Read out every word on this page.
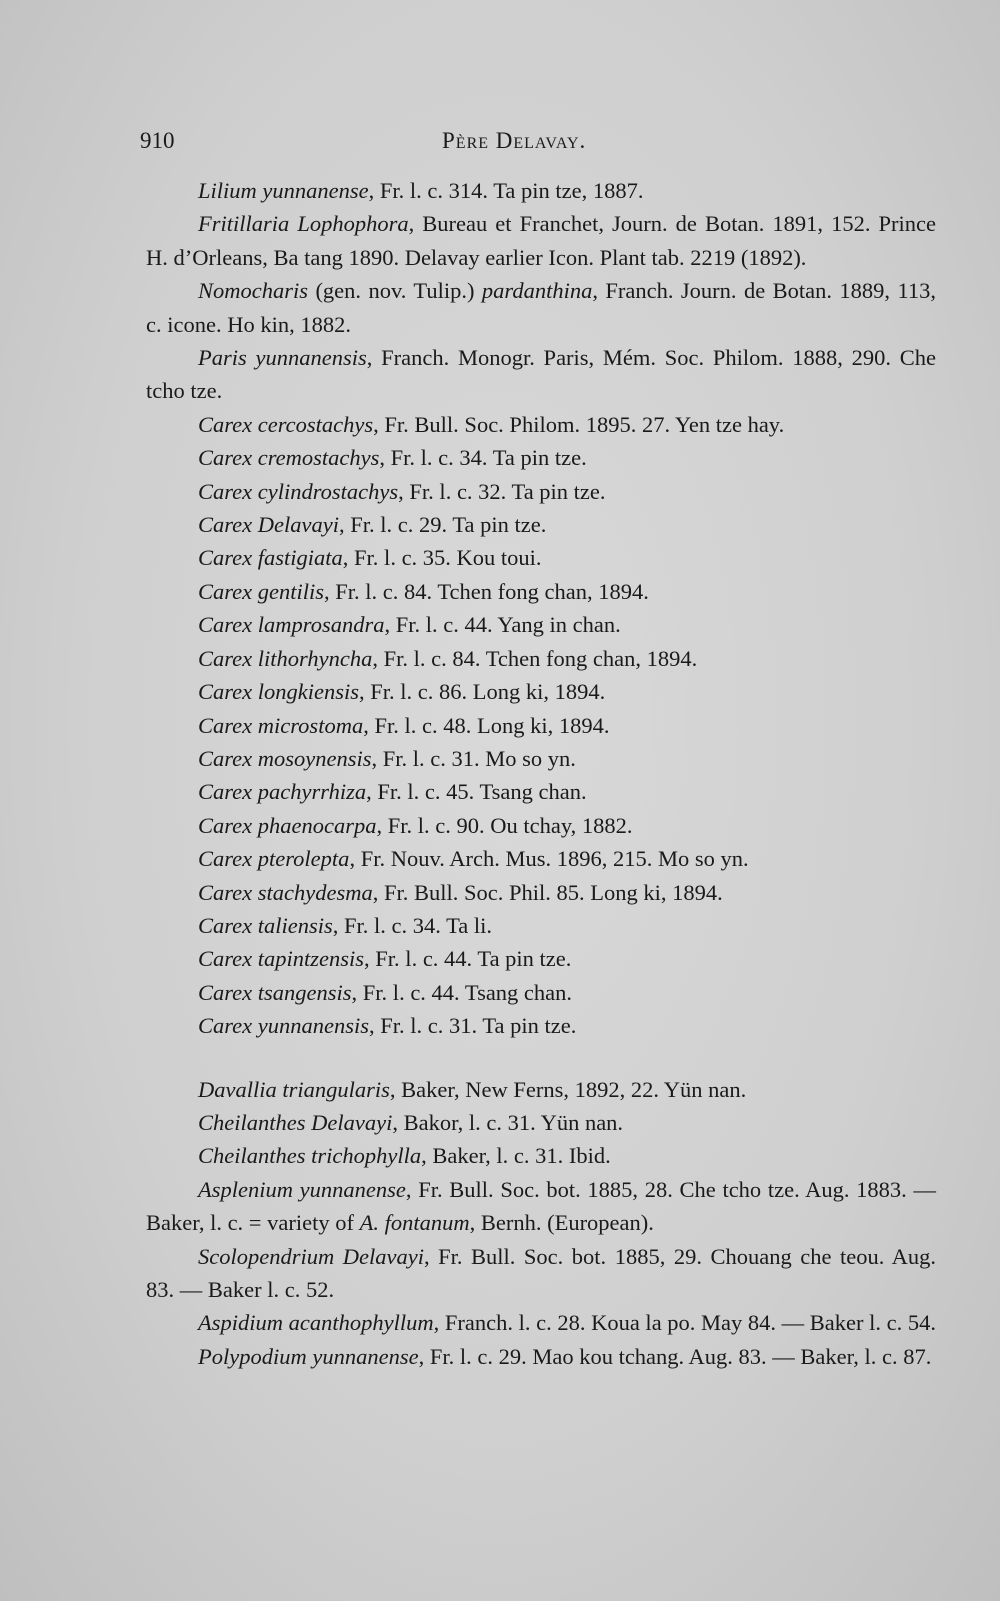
910	Père Delavay.

Lilium yunnanense, Fr. l. c. 314. Ta pin tze, 1887.

Fritillaria Lophophora, Bureau et Franchet, Journ. de Botan. 1891, 152. Prince H. d’Orleans, Ba tang 1890. Delavay earlier Icon. Plant tab. 2219 (1892).

Nomocharis (gen. nov. Tulip.) pardanthina, Franch. Journ. de Botan. 1889, 113, c. icone. Ho kin, 1882.

Paris yunnanensis, Franch. Monogr. Paris, Mém. Soc. Philom. 1888, 290. Che tcho tze.

Carex cercostachys, Fr. Bull. Soc. Philom. 1895. 27. Yen tze hay.

Carex cremostachys, Fr. l. c. 34. Ta pin tze.

Carex cylindrostachys, Fr. l. c. 32. Ta pin tze.

Carex Delavayi, Fr. l. c. 29. Ta pin tze.

Carex fastigiata, Fr. l. c. 35. Kou toui.

Carex gentilis, Fr. l. c. 84. Tchen fong chan, 1894.

Carex lamprosandra, Fr. l. c. 44. Yang in chan.

Carex lithorhyncha, Fr. l. c. 84. Tchen fong chan, 1894.

Carex longkiensis, Fr. l. c. 86. Long ki, 1894.

Carex microstoma, Fr. l. c. 48. Long ki, 1894.

Carex mosoynensis, Fr. l. c. 31. Mo so yn.

Carex pachyrrhiza, Fr. l. c. 45. Tsang chan.

Carex phaenocarpa, Fr. l. c. 90. Ou tchay, 1882.

Carex pterolepta, Fr. Nouv. Arch. Mus. 1896, 215. Mo so yn.

Carex stachydesma, Fr. Bull. Soc. Phil. 85. Long ki, 1894.

Carex taliensis, Fr. l. c. 34. Ta li.

Carex tapintzensis, Fr. l. c. 44. Ta pin tze.

Carex tsangensis, Fr. l. c. 44. Tsang chan.

Carex yunnanensis, Fr. l. c. 31. Ta pin tze.

Davallia triangularis, Baker, New Ferns, 1892, 22. Yün nan.

Cheilanthes Delavayi, Bakor, l. c. 31. Yün nan.

Cheilanthes trichophylla, Baker, l. c. 31. Ibid.

Asplenium yunnanense, Fr. Bull. Soc. bot. 1885, 28. Che tcho tze. Aug. 1883. — Baker, l. c. = variety of A. fontanum, Bernh. (European).

Scolopendrium Delavayi, Fr. Bull. Soc. bot. 1885, 29. Chouang che teou. Aug. 83. — Baker l. c. 52.

Aspidium acanthophyllum, Franch. l. c. 28. Koua la po. May 84. — Baker l. c. 54.

Polypodium yunnanense, Fr. l. c. 29. Mao kou tchang. Aug. 83. — Baker, l. c. 87.
